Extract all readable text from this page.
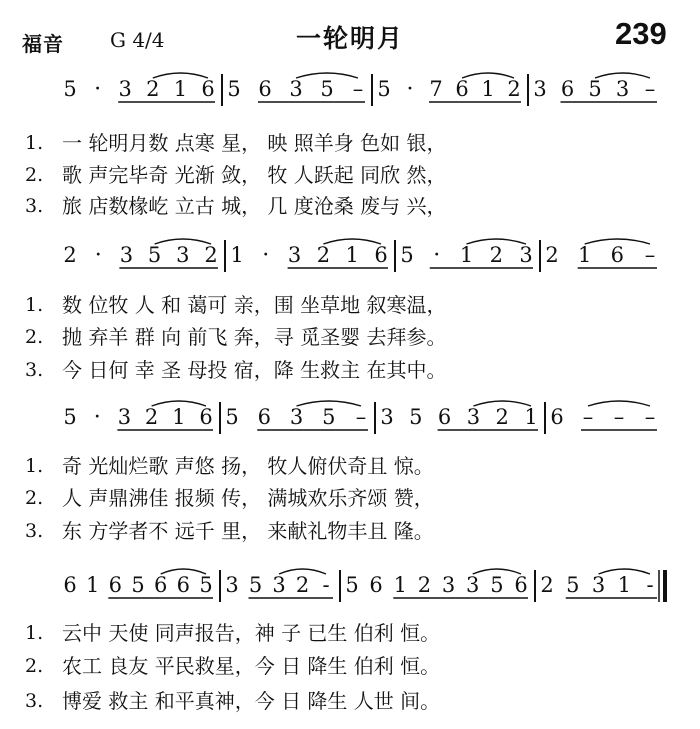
福音 G 4/4	一轮明月	239
5 · 3 2 1 6 5 6 3 5 – 5 · 7 6 1 2 3 6 5 3 –
2 · 3 5 3 2 1 · 3 2 1 6 5 · 1 2 3 2 1 6 –
5 · 3 2 1 6 5 6 3 5 – 3 5 6 3 2 1 6 – – –
6 1 6 5 6 6 5 3 5 3 2 - 5 6 1 2 3 3 5 6 2 5 3 1 -
1. 一 轮明月数 点寒 星， 映 照羊身 色如 银，
2. 歌 声完毕奇 光渐 敛， 牧 人跃起 同欣 然，
3. 旅 店数椽屹 立古 城， 几 度沧桑 废与 兴，
1. 数 位牧 人 和 蔼可 亲，围 坐草地 叙寒温，
2. 抛 弃羊 群 向 前飞 奔，寻 觅圣婴 去拜参。
3. 今 日何 幸 圣 母投 宿，降 生救主 在其中。
1. 奇 光灿烂歌 声悠 扬， 牧人俯伏奇且 惊。
2. 人 声鼎沸佳 报频 传， 满城欢乐齐颂 赞，
3. 东 方学者不 远千 里， 来献礼物丰且 隆。
1. 云中 天使 同声报告，神 子 已生 伯利 恒。
2. 农工 良友 平民救星，今 日 降生 伯利 恒。
3. 博爱 救主 和平真神，今 日 降生 人世 间。
